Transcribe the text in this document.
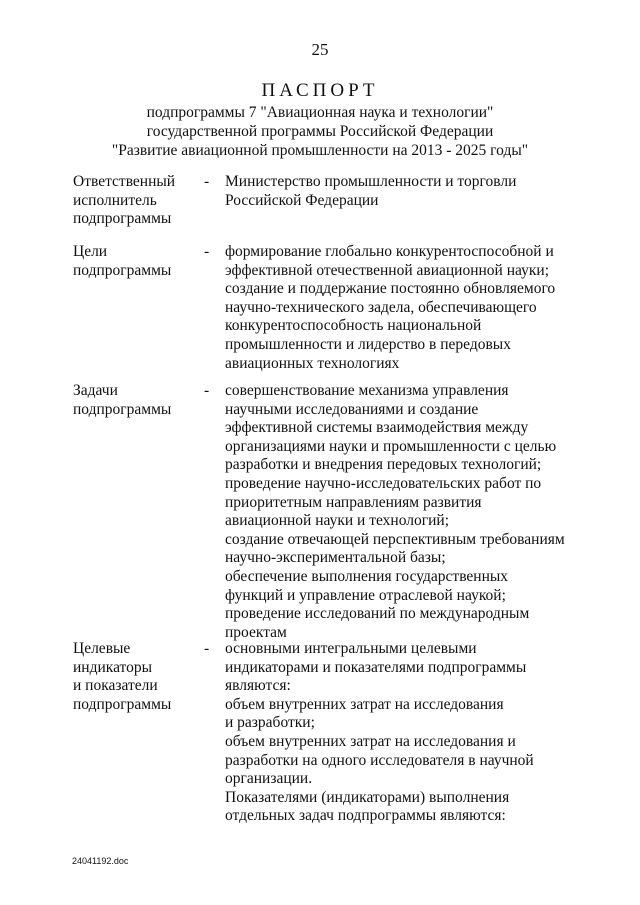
25
ПАСПОРТ
подпрограммы 7 "Авиационная наука и технологии"
государственной программы Российской Федерации
"Развитие авиационной промышленности на 2013 - 2025 годы"
Ответственный
исполнитель
подпрограммы
- Министерство промышленности и торговли
Российской Федерации
Цели
подпрограммы
- формирование глобально конкурентоспособной и
эффективной отечественной авиационной науки;
создание и поддержание постоянно обновляемого
научно-технического задела, обеспечивающего
конкурентоспособность национальной
промышленности и лидерство в передовых
авиационных технологиях
Задачи
подпрограммы
- совершенствование механизма управления
научными исследованиями и создание
эффективной системы взаимодействия между
организациями науки и промышленности с целью
разработки и внедрения передовых технологий;
проведение научно-исследовательских работ по
приоритетным направлениям развития
авиационной науки и технологий;
создание отвечающей перспективным требованиям
научно-экспериментальной базы;
обеспечение выполнения государственных
функций и управление отраслевой наукой;
проведение исследований по международным
проектам
Целевые
индикаторы
и показатели
подпрограммы
- основными интегральными целевыми
индикаторами и показателями подпрограммы
являются:
объем внутренних затрат на исследования
и разработки;
объем внутренних затрат на исследования и
разработки на одного исследователя в научной
организации.
Показателями (индикаторами) выполнения
отдельных задач подпрограммы являются:
24041192.doc
